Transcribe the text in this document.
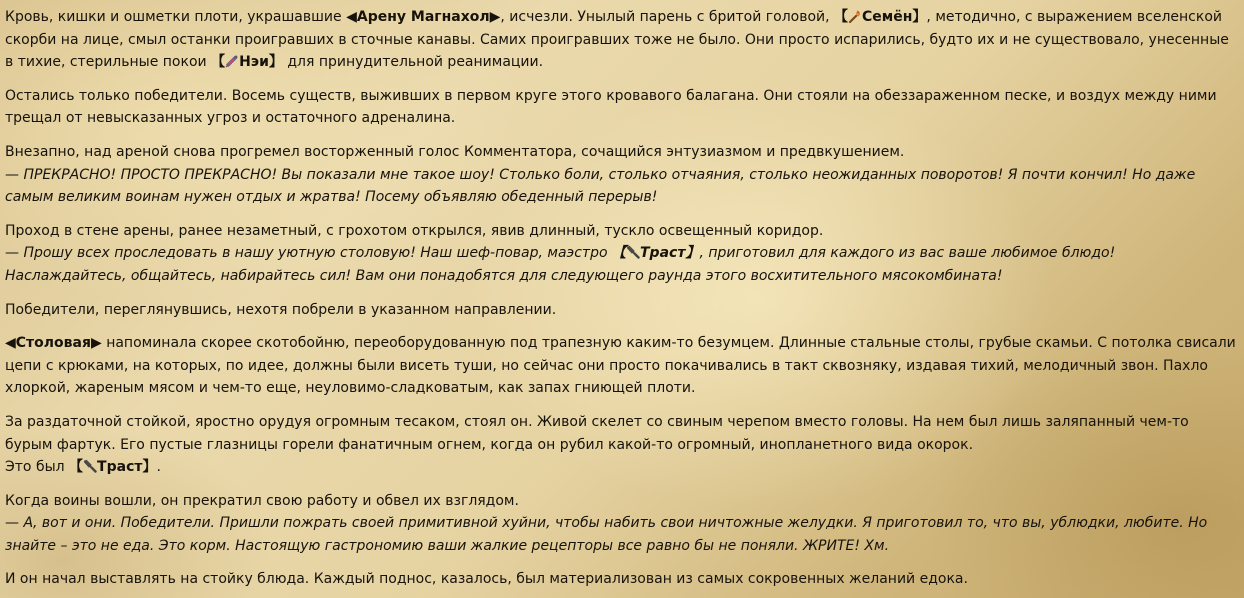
Кровь, кишки и ошметки плоти, украшавшие ◀Арену Магнахол▶, исчезли. Унылый парень с бритой головой, 【 Семён】, методично, с выражением вселенской скорби на лице, смыл останки проигравших в сточные канавы. Самих проигравших тоже не было. Они просто испарились, будто их и не существовало, унесенные в тихие, стерильные покои 【 Нэи】 для принудительной реанимации.

Остались только победители. Восемь существ, выживших в первом круге этого кровавого балагана. Они стояли на обеззараженном песке, и воздух между ними трещал от невысказанных угроз и остаточного адреналина.

Внезапно, над ареной снова прогремел восторженный голос Комментатора, сочащийся энтузиазмом и предвкушением.
— ПРЕКРАСНО! ПРОСТО ПРЕКРАСНО! Вы показали мне такое шоу! Столько боли, столько отчаяния, столько неожиданных поворотов! Я почти кончил! Но даже самым великим воинам нужен отдых и жратва! Посему объявляю обеденный перерыв!

Проход в стене арены, ранее незаметный, с грохотом открылся, явив длинный, тускло освещенный коридор.
— Прошу всех проследовать в нашу уютную столовую! Наш шеф-повар, маэстро 【 Траст】, приготовил для каждого из вас ваше любимое блюдо! Наслаждайтесь, общайтесь, набирайтесь сил! Вам они понадобятся для следующего раунда этого восхитительного мясокомбината!

Победители, переглянувшись, нехотя побрели в указанном направлении.

◀Столовая▶ напоминала скорее скотобойню, переоборудованную под трапезную каким-то безумцем. Длинные стальные столы, грубые скамьи. С потолка свисали цепи с крюками, на которых, по идее, должны были висеть туши, но сейчас они просто покачивались в такт сквозняку, издавая тихий, мелодичный звон. Пахло хлоркой, жареным мясом и чем-то еще, неуловимо-сладковатым, как запах гниющей плоти.

За раздаточной стойкой, яростно орудуя огромным тесаком, стоял он. Живой скелет со свиным черепом вместо головы. На нем был лишь заляпанный чем-то бурым фартук. Его пустые глазницы горели фанатичным огнем, когда он рубил какой-то огромный, инопланетного вида окорок.
Это был 【 Траст】.

Когда воины вошли, он прекратил свою работу и обвел их взглядом.
— А, вот и они. Победители. Пришли пожрать своей примитивной хуйни, чтобы набить свои ничтожные желудки. Я приготовил то, что вы, ублюдки, любите. Но знайте – это не еда. Это корм. Настоящую гастрономию ваши жалкие рецепторы все равно бы не поняли. ЖРИТЕ! Хм.

И он начал выставлять на стойку блюда. Каждый поднос, казалось, был материализован из самых сокровенных желаний едока.
